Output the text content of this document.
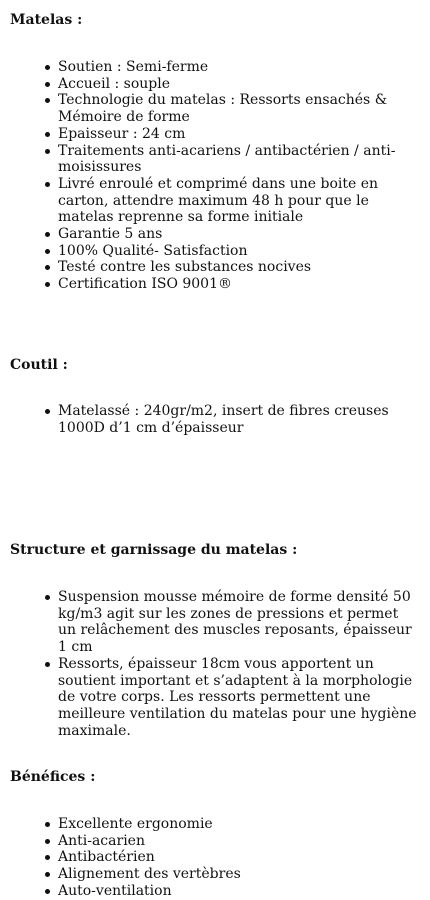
Matelas :
Soutien : Semi-ferme
Accueil : souple
Technologie du matelas : Ressorts ensachés & Mémoire de forme
Epaisseur : 24 cm
Traitements anti-acariens / antibactérien / anti-moisissures
Livré enroulé et comprimé dans une boite en carton, attendre maximum 48 h pour que le matelas reprenne sa forme initiale
Garantie 5 ans
100% Qualité- Satisfaction
Testé contre les substances nocives
Certification ISO 9001®
Coutil :
Matelassé : 240gr/m2, insert de fibres creuses 1000D d’1 cm d’épaisseur
Structure et garnissage du matelas :
Suspension mousse mémoire de forme densité 50 kg/m3 agit sur les zones de pressions et permet un relâchement des muscles reposants, épaisseur 1 cm
Ressorts, épaisseur 18cm vous apportent un soutient important et s’adaptent à la morphologie de votre corps. Les ressorts permettent une meilleure ventilation du matelas pour une hygiène maximale.
Bénéfices :
Excellente ergonomie
Anti-acarien
Antibactérien
Alignement des vertèbres
Auto-ventilation
